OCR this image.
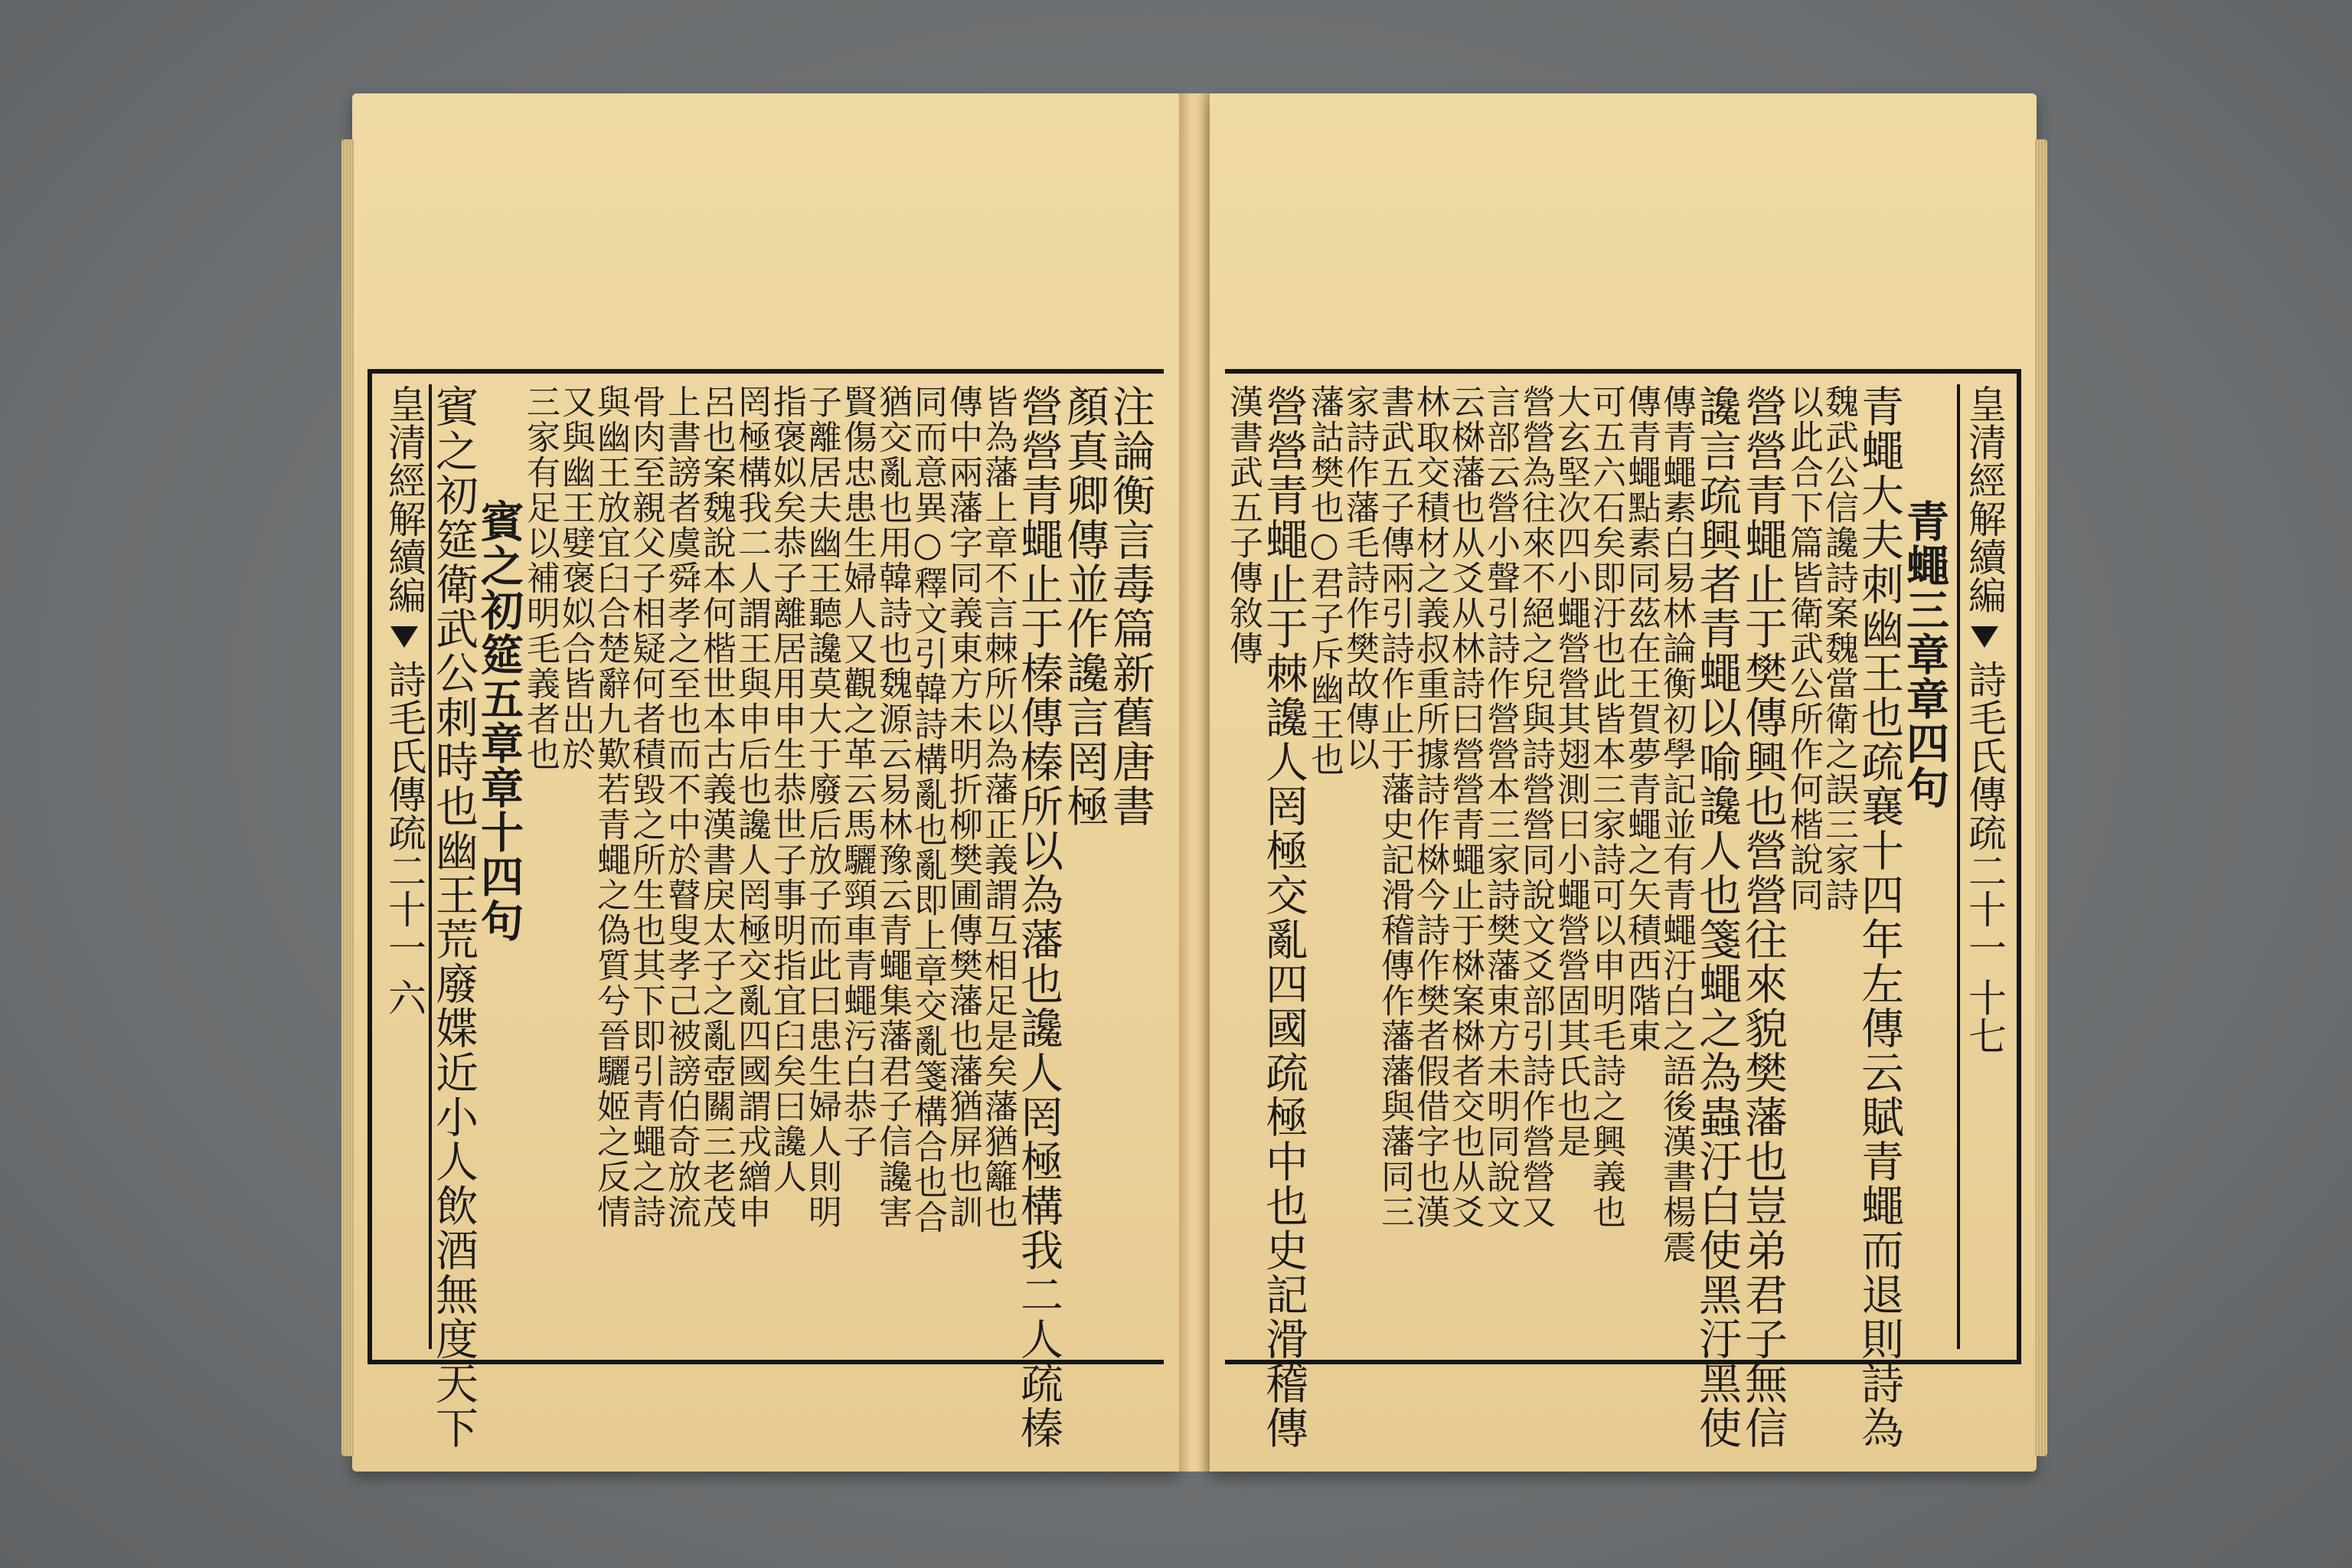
皇清經解續編  詩毛氏傳疏二十一 六
注論衡言毒篇新舊唐書
顏真卿傳並作讒言罔極
營營青蠅止于榛傳榛所以為藩也讒人罔極構我二人疏榛
皆為藩上章不言棘所以為藩正義謂互相足是矣藩猶籬也
傳中兩藩字同義東方未明折柳樊圃傳樊藩也藩猶屏也訓
同而意異○釋文引韓詩構亂也亂即上章交亂箋構合也合
猶交亂也用韓詩也魏源云易林豫云青蠅集藩君子信讒害
賢傷忠患生婦人又觀之革云馬驪頸車青蠅污白恭子
子離居夫幽王聽讒莫大于廢后放子而此曰患生婦人則明
指褒姒矣恭子離居用申生恭世子事明指宜臼矣曰讒人
罔極構我二人謂王與申后也讒人罔極交亂四國謂戎繒申
呂也案魏說本何楷世本古義漢書戾太子之亂壺關三老茂
上書謗者虞舜孝之至也而不中於瞽叟孝己被謗伯奇放流
骨肉至親父子相疑何者積毀之所生也其下即引青蠅之詩
與幽王放宜臼合楚辭九歎若青蠅之偽質兮晉驪姬之反情
又與幽王嬖褒姒合皆出於
三家有足以補明毛義者也
賓之初筵五章章十四句
賓之初筵衛武公刺時也幽王荒廢媟近小人飲酒無度天下	皇清經解續編  詩毛氏傳疏二十一 十七
青蠅三章章四句
青蠅大夫刺幽王也疏襄十四年左傳云賦青蠅而退則詩為
魏武公信讒詩案魏當衛之誤三家詩
以此合下篇皆衛武公所作何楷說同
營營青蠅止于樊傳興也營營往來貌樊藩也豈弟君子無信
讒言疏興者青蠅以喻讒人也箋蠅之為蟲汙白使黑汙黑使
傳青蠅素白易林論衡初學記並有青蠅汙白之語後漢書楊震
傳青蠅點素同茲在王賀夢青蠅之矢積西階東
可五六石矣即汙也此皆本三家詩可以申明毛詩之興義也
大玄堅次四小蠅營營其翅測曰小蠅營營固其氏也是
營營為往來不絕之兒與詩營營同說文爻部引詩作營營又
言部云營小聲引詩作營營本三家詩樊藩東方未明同說文
云棥藩也从爻从林詩曰營營青蠅止于棥案棥者交也从爻
林取交積材之義叔重所據詩作棥今詩作樊者假借字也漢
書武五子傳兩引詩作止于藩史記滑稽傳作藩藩與藩同三
家詩作藩毛詩作樊故傳以
藩詁樊也○君子斥幽王也
營營青蠅止于棘讒人罔極交亂四國疏極中也史記滑稽傳
漢書武五子傳敘傳
